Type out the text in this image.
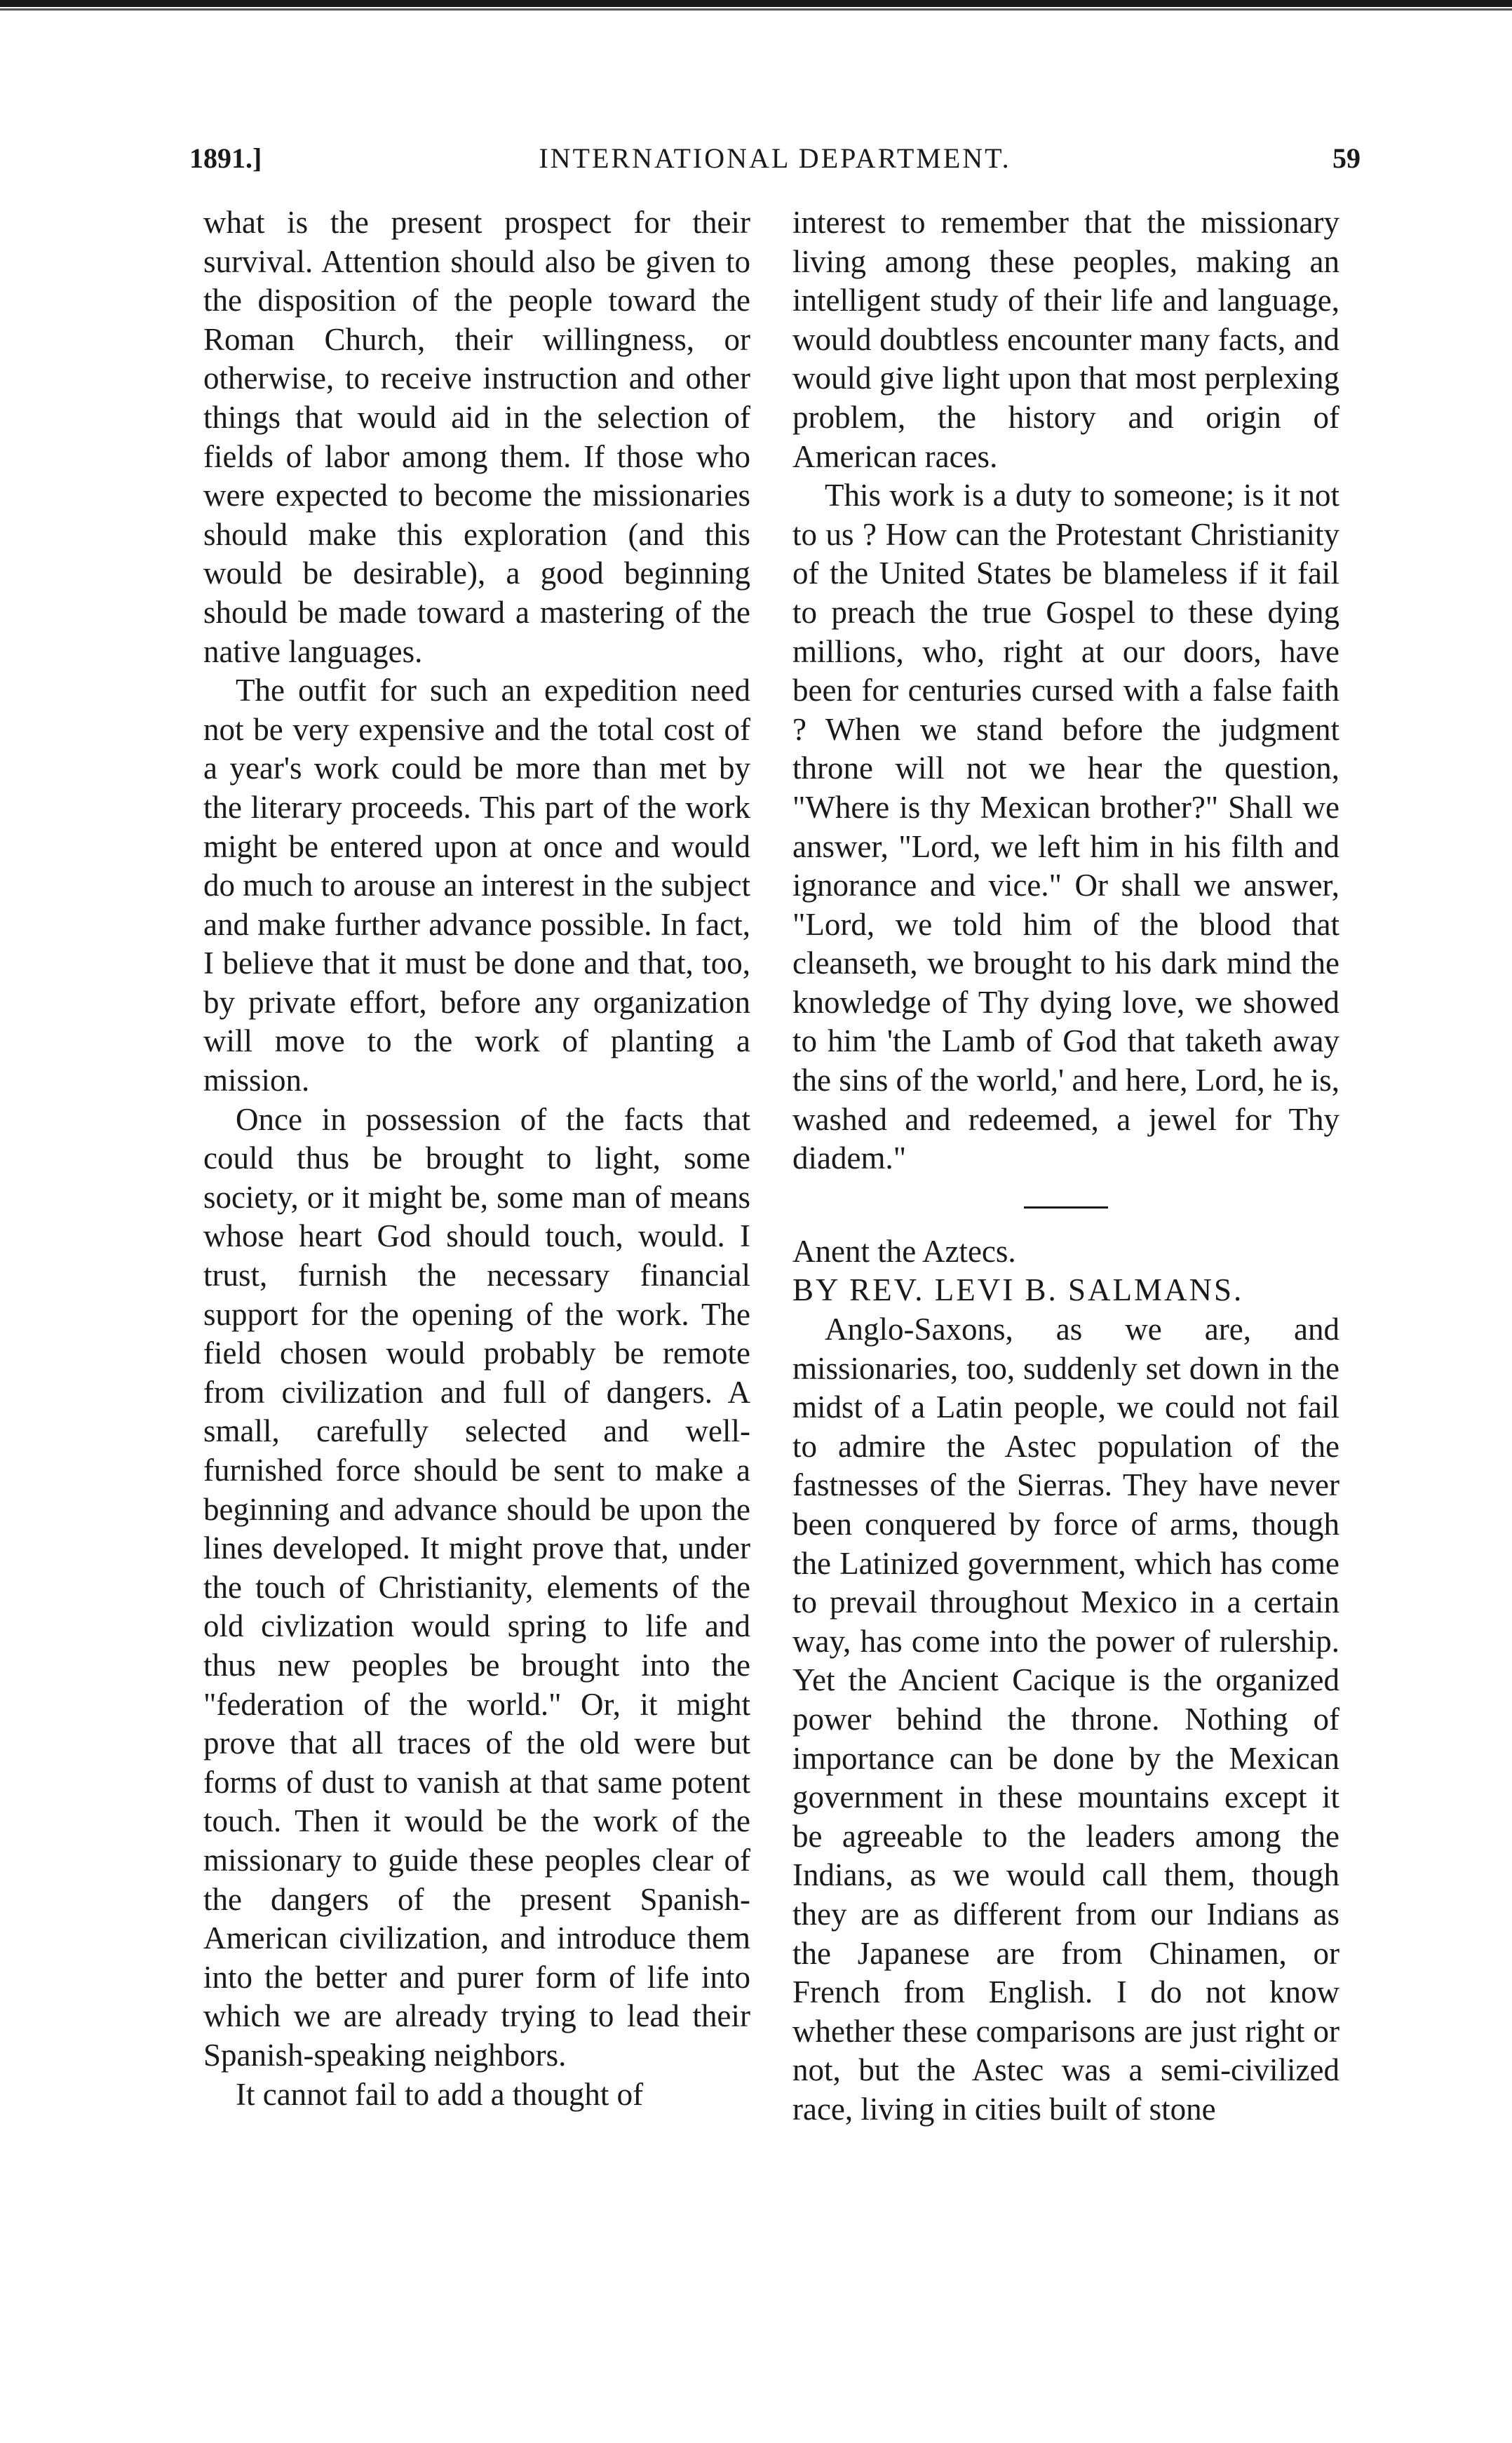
1891.]	INTERNATIONAL DEPARTMENT.	59

what is the present prospect for their survival. Attention should also be given to the disposition of the people toward the Roman Church, their willingness, or otherwise, to receive instruction and other things that would aid in the selection of fields of labor among them. If those who were expected to become the missionaries should make this exploration (and this would be desirable), a good beginning should be made toward a mastering of the native languages.

The outfit for such an expedition need not be very expensive and the total cost of a year's work could be more than met by the literary proceeds. This part of the work might be entered upon at once and would do much to arouse an interest in the subject and make further advance possible. In fact, I believe that it must be done and that, too, by private effort, before any organization will move to the work of planting a mission.

Once in possession of the facts that could thus be brought to light, some society, or it might be, some man of means whose heart God should touch, would. I trust, furnish the necessary financial support for the opening of the work. The field chosen would probably be remote from civilization and full of dangers. A small, carefully selected and well-furnished force should be sent to make a beginning and advance should be upon the lines developed. It might prove that, under the touch of Christianity, elements of the old civlization would spring to life and thus new peoples be brought into the "federation of the world." Or, it might prove that all traces of the old were but forms of dust to vanish at that same potent touch. Then it would be the work of the missionary to guide these peoples clear of the dangers of the present Spanish-American civilization, and introduce them into the better and purer form of life into which we are already trying to lead their Spanish-speaking neighbors.

It cannot fail to add a thought of

interest to remember that the missionary living among these peoples, making an intelligent study of their life and language, would doubtless encounter many facts, and would give light upon that most perplexing problem, the history and origin of American races.

This work is a duty to someone; is it not to us ? How can the Protestant Christianity of the United States be blameless if it fail to preach the true Gospel to these dying millions, who, right at our doors, have been for centuries cursed with a false faith ? When we stand before the judgment throne will not we hear the question, "Where is thy Mexican brother?" Shall we answer, "Lord, we left him in his filth and ignorance and vice." Or shall we answer, "Lord, we told him of the blood that cleanseth, we brought to his dark mind the knowledge of Thy dying love, we showed to him 'the Lamb of God that taketh away the sins of the world,' and here, Lord, he is, washed and redeemed, a jewel for Thy diadem."

Anent the Aztecs.

BY REV. LEVI B. SALMANS.

Anglo-Saxons, as we are, and missionaries, too, suddenly set down in the midst of a Latin people, we could not fail to admire the Astec population of the fastnesses of the Sierras. They have never been conquered by force of arms, though the Latinized government, which has come to prevail throughout Mexico in a certain way, has come into the power of rulership. Yet the Ancient Cacique is the organized power behind the throne. Nothing of importance can be done by the Mexican government in these mountains except it be agreeable to the leaders among the Indians, as we would call them, though they are as different from our Indians as the Japanese are from Chinamen, or French from English. I do not know whether these comparisons are just right or not, but the Astec was a semi-civilized race, living in cities built of stone
